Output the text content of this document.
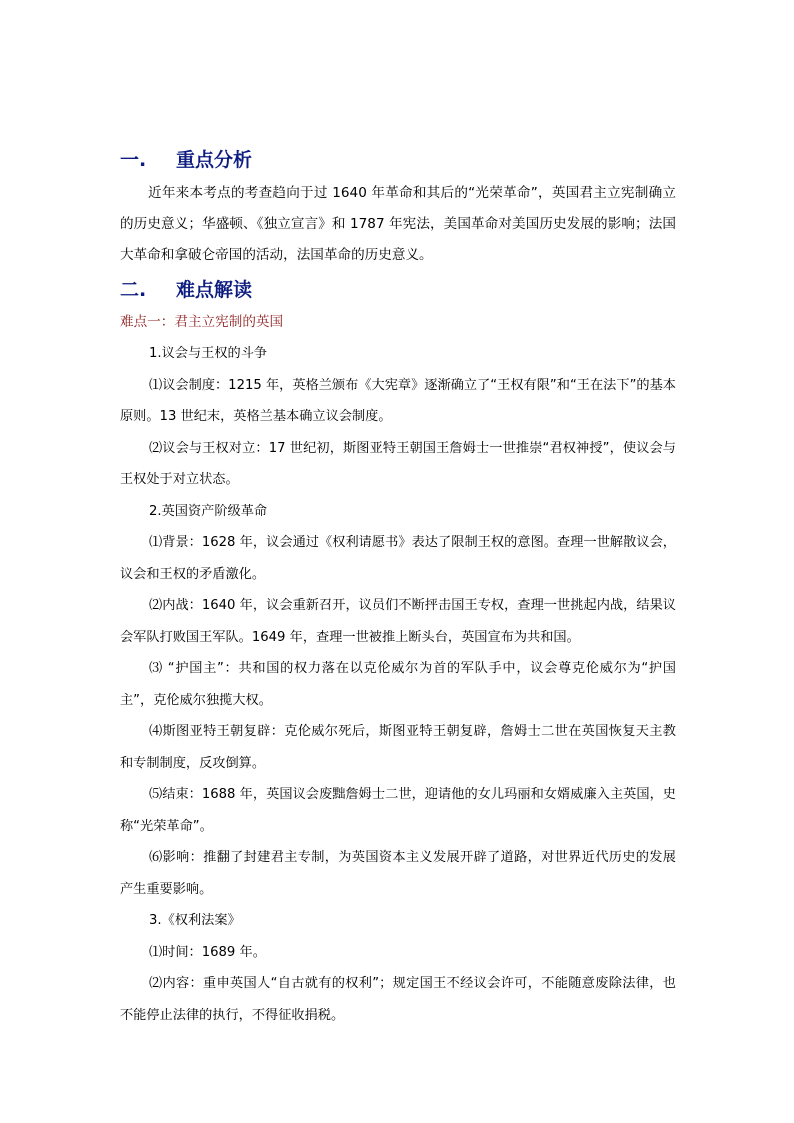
一.	重点分析

近年来本考点的考查趋向于过 1640 年革命和其后的“光荣革命”，英国君主立宪制确立的历史意义；华盛顿、《独立宣言》和 1787 年宪法，美国革命对美国历史发展的影响；法国大革命和拿破仑帝国的活动，法国革命的历史意义。

二.	难点解读

难点一：君主立宪制的英国

1.议会与王权的斗争

⑴议会制度：1215 年，英格兰颁布《大宪章》逐渐确立了“王权有限”和“王在法下”的基本原则。13 世纪末，英格兰基本确立议会制度。

⑵议会与王权对立：17 世纪初，斯图亚特王朝国王詹姆士一世推崇“君权神授”，使议会与王权处于对立状态。

2.英国资产阶级革命

⑴背景：1628 年，议会通过《权利请愿书》表达了限制王权的意图。查理一世解散议会，议会和王权的矛盾激化。

⑵内战：1640 年，议会重新召开，议员们不断抨击国王专权，查理一世挑起内战，结果议会军队打败国王军队。1649 年，查理一世被推上断头台，英国宣布为共和国。

⑶ “护国主”：共和国的权力落在以克伦威尔为首的军队手中，议会尊克伦威尔为“护国主”，克伦威尔独揽大权。

⑷斯图亚特王朝复辟：克伦威尔死后，斯图亚特王朝复辟，詹姆士二世在英国恢复天主教和专制制度，反攻倒算。

⑸结束：1688 年，英国议会废黜詹姆士二世，迎请他的女儿玛丽和女婿威廉入主英国，史称“光荣革命”。

⑹影响：推翻了封建君主专制，为英国资本主义发展开辟了道路，对世界近代历史的发展产生重要影响。

3.《权利法案》

⑴时间：1689 年。

⑵内容：重申英国人“自古就有的权利”；规定国王不经议会许可，不能随意废除法律，也不能停止法律的执行，不得征收捐税。
